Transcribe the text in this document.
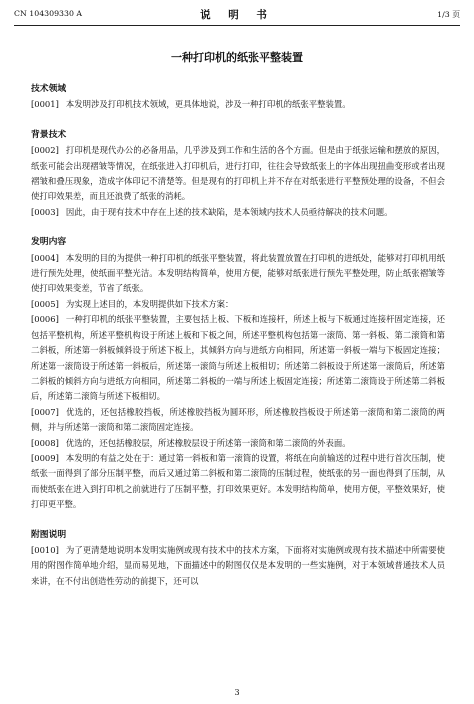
CN 104309330 A	说 明 书	1/3 页
一种打印机的纸张平整装置

技术领域

[0001] 本发明涉及打印机技术领域，更具体地说，涉及一种打印机的纸张平整装置。

背景技术

[0002] 打印机是现代办公的必备用品，几乎涉及到工作和生活的各个方面。但是由于纸张运输和摆放的原因，纸张可能会出现褶皱等情况，在纸张进入打印机后，进行打印，往往会导致纸张上的字体出现扭曲变形或者出现褶皱和叠压现象，造成字体印记不清楚等。但是现有的打印机上并不存在对纸张进行平整预处理的设备，不但会使打印效果差，而且还浪费了纸张的消耗。

[0003] 因此，由于现有技术中存在上述的技术缺陷，是本领域内技术人员亟待解决的技术问题。

发明内容

[0004] 本发明的目的为提供一种打印机的纸张平整装置，将此装置放置在打印机的进纸处，能够对打印机用纸进行预先处理，使纸面平整光洁。本发明结构简单，使用方便，能够对纸张进行预先平整处理，防止纸张褶皱等使打印效果变差，节省了纸张。

[0005] 为实现上述目的，本发明提供如下技术方案：

[0006] 一种打印机的纸张平整装置，主要包括上板、下板和连接杆，所述上板与下板通过连接杆固定连接，还包括平整机构，所述平整机构设于所述上板和下板之间，所述平整机构包括第一滚筒、第一斜板、第二滚筒和第二斜板，所述第一斜板倾斜设于所述下板上，其倾斜方向与进纸方向相同，所述第一斜板一端与下板固定连接；所述第一滚筒设于所述第一斜板后，所述第一滚筒与所述上板相切；所述第二斜板设于所述第一滚筒后，所述第二斜板的倾斜方向与进纸方向相同，所述第二斜板的一端与所述上板固定连接；所述第二滚筒设于所述第二斜板后，所述第二滚筒与所述下板相切。

[0007] 优选的，还包括橡胶挡板，所述橡胶挡板为圆环形，所述橡胶挡板设于所述第一滚筒和第二滚筒的两侧，并与所述第一滚筒和第二滚筒固定连接。

[0008] 优选的，还包括橡胶层，所述橡胶层设于所述第一滚筒和第二滚筒的外表面。

[0009] 本发明的有益之处在于：通过第一斜板和第一滚筒的设置，将纸在向前输送的过程中进行首次压制，使纸张一面得到了部分压制平整，而后又通过第二斜板和第二滚筒的压制过程，使纸张的另一面也得到了压制，从而使纸张在进入到打印机之前就进行了压制平整，打印效果更好。本发明结构简单，使用方便，平整效果好，使打印更平整。

附图说明

[0010] 为了更清楚地说明本发明实施例或现有技术中的技术方案，下面将对实施例或现有技术描述中所需要使用的附图作简单地介绍，显而易见地，下面描述中的附图仅仅是本发明的一些实施例，对于本领域普通技术人员来讲，在不付出创造性劳动的前提下，还可以

3
